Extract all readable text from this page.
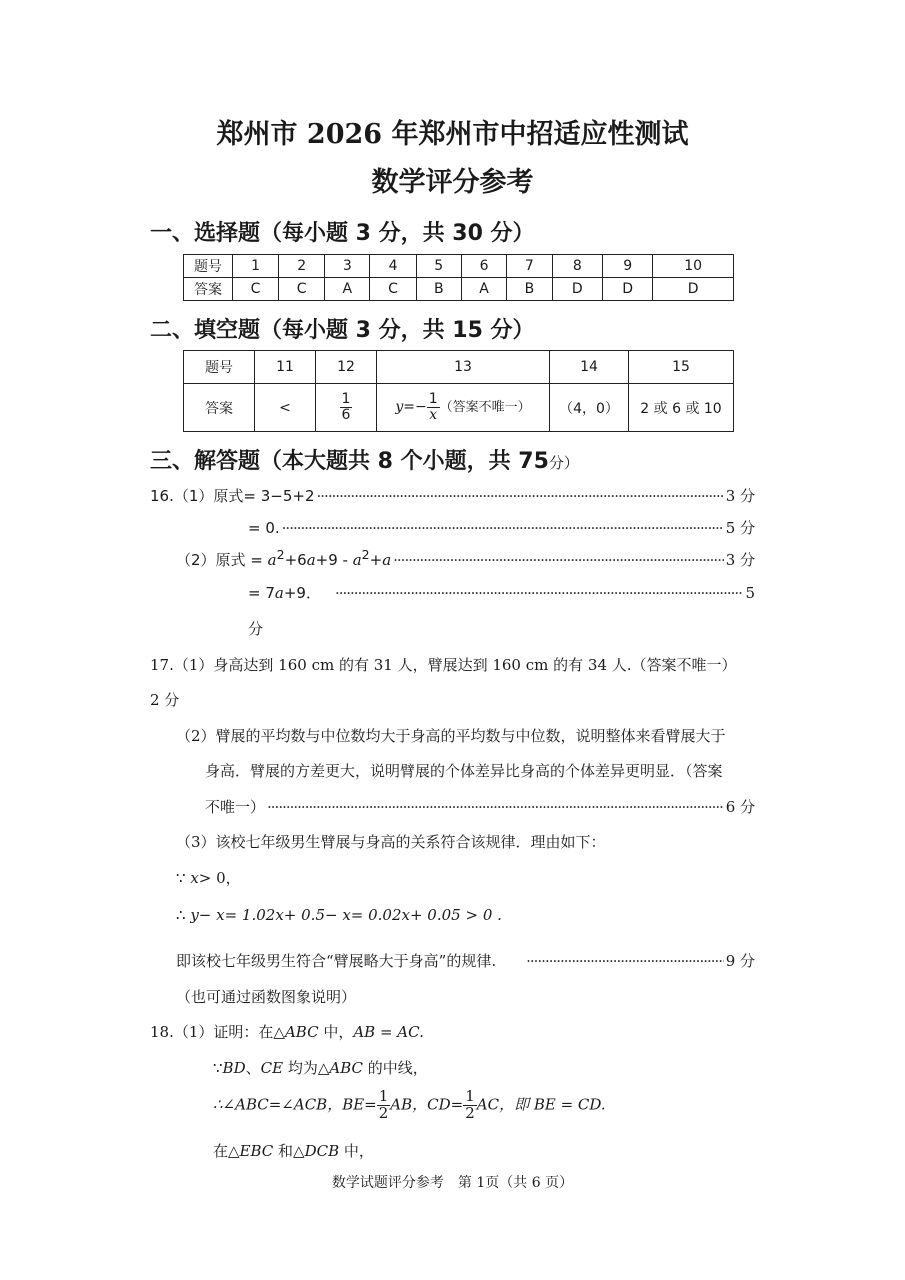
郑州市 2026 年郑州市中招适应性测试
数学评分参考
一、选择题（每小题 3 分，共 30 分）
题号	1	2	3	4	5	6	7	8	9	10
答案	C	C	A	C	B	A	B	D	D	D
二、填空题（每小题 3 分，共 15 分）
题号	11	12	13	14	15
答案	<	$\frac{1}{6}$	$y=- \frac{1}{x}$ （答案不唯一）	（4，0）	2 或 6 或 10
三、解答题（本大题共 8 个小题，共 75分）
16.（1）原式= 3−5+2 ·····	3 分
= 0. ·····	5 分
（2）原式 = $a^2+6a+9 - a^2+a$ ·····	3 分
= 7a+9． ·····	5
分
17.（1）身高达到 160 cm 的有 31 人，臂展达到 160 cm 的有 34 人.（答案不唯一）
2 分
（2）臂展的平均数与中位数均大于身高的平均数与中位数，说明整体来看臂展大于
身高．臂展的方差更大，说明臂展的个体差异比身高的个体差异更明显．（答案
不唯一） ·····	6 分
（3）该校七年级男生臂展与身高的关系符合该规律．理由如下：
∵ x> 0，
∴ y− x= 1.02x+ 0.5− x= 0.02x+ 0.05 > 0 .
即该校七年级男生符合“臂展略大于身高”的规律. ·····	9 分
（也可通过函数图象说明）
18.（1）证明：在△ABC 中，AB = AC.
∵BD、CE 均为△ABC 的中线，
∴∠ABC=∠ACB，$BE= \frac{1}{2}$ AB，$CD= \frac{1}{2}$ AC，即 BE = CD.
在△EBC 和△DCB 中，
数学试题评分参考　第 1页（共 6 页）
